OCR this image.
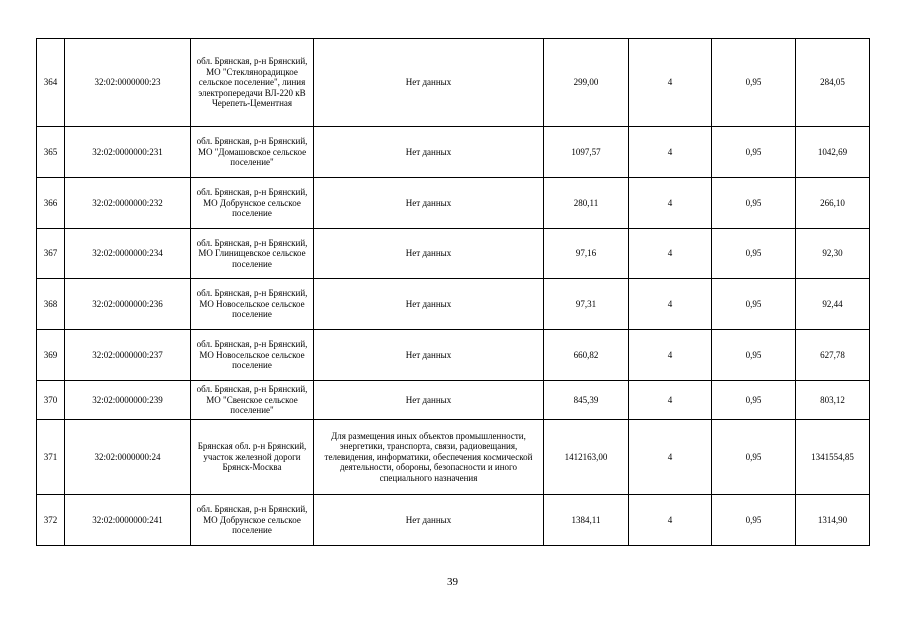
364	32:02:0000000:23	обл. Брянская, р-н Брянский, МО "Стеклянорадицкое сельское поселение", линия электропередачи ВЛ-220 кВ Черепеть-Цементная	Нет данных	299,00	4	0,95	284,05
365	32:02:0000000:231	обл. Брянская, р-н Брянский, МО "Домашовское сельское поселение"	Нет данных	1097,57	4	0,95	1042,69
366	32:02:0000000:232	обл. Брянская, р-н Брянский, МО Добрунское сельское поселение	Нет данных	280,11	4	0,95	266,10
367	32:02:0000000:234	обл. Брянская, р-н Брянский, МО Глинищевское сельское поселение	Нет данных	97,16	4	0,95	92,30
368	32:02:0000000:236	обл. Брянская, р-н Брянский, МО Новосельское сельское поселение	Нет данных	97,31	4	0,95	92,44
369	32:02:0000000:237	обл. Брянская, р-н Брянский, МО Новосельское сельское поселение	Нет данных	660,82	4	0,95	627,78
370	32:02:0000000:239	обл. Брянская, р-н Брянский, МО "Свенское сельское поселение"	Нет данных	845,39	4	0,95	803,12
371	32:02:0000000:24	Брянская обл. р-н Брянский, участок железной дороги Брянск-Москва	Для размещения иных объектов промышленности, энергетики, транспорта, связи, радиовещания, телевидения, информатики, обеспечения космической деятельности, обороны, безопасности и иного специального назначения	1412163,00	4	0,95	1341554,85
372	32:02:0000000:241	обл. Брянская, р-н Брянский, МО Добрунское сельское поселение	Нет данных	1384,11	4	0,95	1314,90
39
